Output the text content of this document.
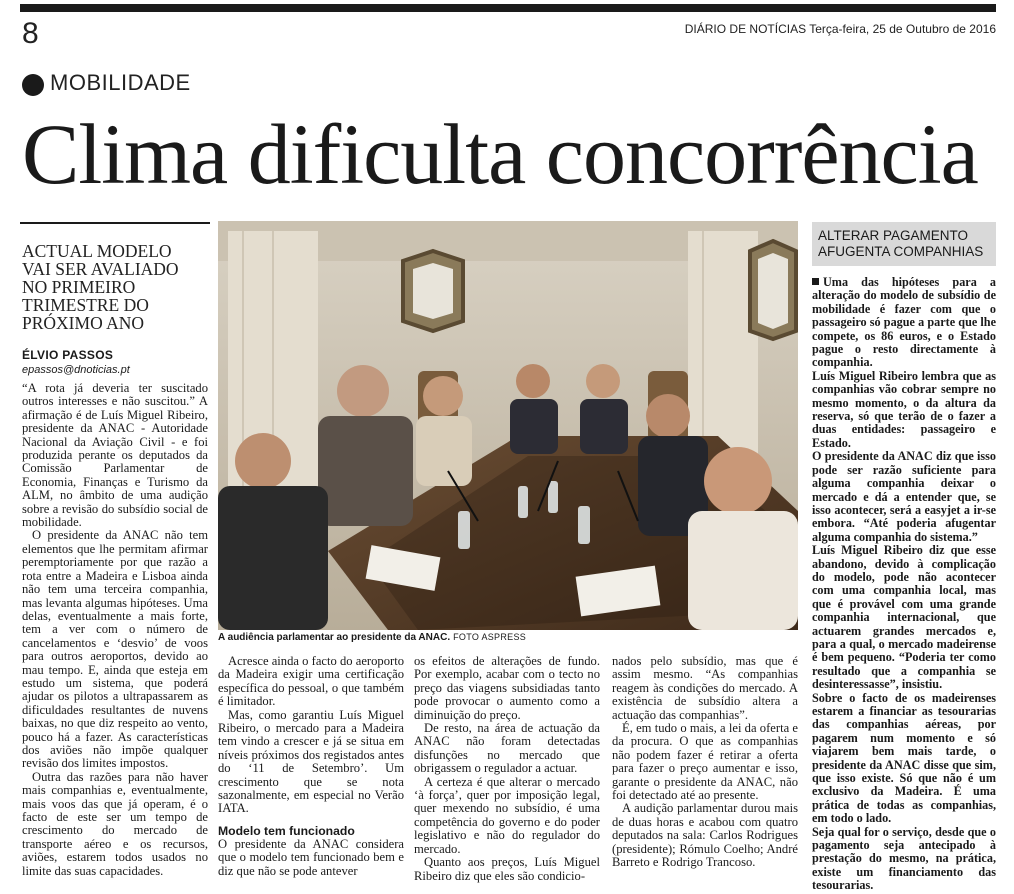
8	DIÁRIO DE NOTÍCIAS Terça-feira, 25 de Outubro de 2016
MOBILIDADE
Clima dificulta concorrência
ACTUAL MODELO VAI SER AVALIADO NO PRIMEIRO TRIMESTRE DO PRÓXIMO ANO
ÉLVIO PASSOS
epassos@dnoticias.pt

“A rota já deveria ter suscitado outros interesses e não suscitou.” A afirmação é de Luís Miguel Ribeiro, presidente da ANAC - Autoridade Nacional da Aviação Civil - e foi produzida perante os deputados da Comissão Parlamentar de Economia, Finanças e Turismo da ALM, no âmbito de uma audição sobre a revisão do subsídio social de mobilidade.

O presidente da ANAC não tem elementos que lhe permitam afirmar peremptoriamente por que razão a rota entre a Madeira e Lisboa ainda não tem uma terceira companhia, mas levanta algumas hipóteses. Uma delas, eventualmente a mais forte, tem a ver com o número de cancelamentos e ‘desvio’ de voos para outros aeroportos, devido ao mau tempo. E, ainda que esteja em estudo um sistema, que poderá ajudar os pilotos a ultrapassarem as dificuldades resultantes de nuvens baixas, no que diz respeito ao vento, pouco há a fazer. As características dos aviões não impõe qualquer revisão dos limites impostos.

Outra das razões para não haver mais companhias e, eventualmente, mais voos das que já operam, é o facto de este ser um tempo de crescimento do mercado de transporte aéreo e os recursos, aviões, estarem todos usados no limite das suas capacidades.

A audiência parlamentar ao presidente da ANAC. FOTO ASPRESS

Acresce ainda o facto do aeroporto da Madeira exigir uma certificação específica do pessoal, o que também é limitador.

Mas, como garantiu Luís Miguel Ribeiro, o mercado para a Madeira tem vindo a crescer e já se situa em níveis próximos dos registados antes do ‘11 de Setembro’. Um crescimento que se nota sazonalmente, em especial no Verão IATA.

Modelo tem funcionado

O presidente da ANAC considera que o modelo tem funcionado bem e diz que não se pode antever

os efeitos de alterações de fundo. Por exemplo, acabar com o tecto no preço das viagens subsidiadas tanto pode provocar o aumento como a diminuição do preço.

De resto, na área de actuação da ANAC não foram detectadas disfunções no mercado que obrigassem o regulador a actuar.

A certeza é que alterar o mercado ‘à força’, quer por imposição legal, quer mexendo no subsídio, é uma competência do governo e do poder legislativo e não do regulador do mercado.

Quanto aos preços, Luís Miguel Ribeiro diz que eles são condicio-

nados pelo subsídio, mas que é assim mesmo. “As companhias reagem às condições do mercado. A existência de subsídio altera a actuação das companhias”.

É, em tudo o mais, a lei da oferta e da procura. O que as companhias não podem fazer é retirar a oferta para fazer o preço aumentar e isso, garante o presidente da ANAC, não foi detectado até ao presente.

A audição parlamentar durou mais de duas horas e acabou com quatro deputados na sala: Carlos Rodrigues (presidente); Rómulo Coelho; André Barreto e Rodrigo Trancoso.

ALTERAR PAGAMENTO AFUGENTA COMPANHIAS

Uma das hipóteses para a alteração do modelo de subsídio de mobilidade é fazer com que o passageiro só pague a parte que lhe compete, os 86 euros, e o Estado pague o resto directamente à companhia.

Luís Miguel Ribeiro lembra que as companhias vão cobrar sempre no mesmo momento, o da altura da reserva, só que terão de o fazer a duas entidades: passageiro e Estado.

O presidente da ANAC diz que isso pode ser razão suficiente para alguma companhia deixar o mercado e dá a entender que, se isso acontecer, será a easyjet a ir-se embora. “Até poderia afugentar alguma companhia do sistema.”

Luís Miguel Ribeiro diz que esse abandono, devido à complicação do modelo, pode não acontecer com uma companhia local, mas que é provável com uma grande companhia internacional, que actuarem grandes mercados e, para a qual, o mercado madeirense é bem pequeno. “Poderia ter como resultado que a companhia se desinteressasse”, insistiu.

Sobre o facto de os madeirenses estarem a financiar as tesourarias das companhias aéreas, por pagarem num momento e só viajarem bem mais tarde, o presidente da ANAC disse que sim, que isso existe. Só que não é um exclusivo da Madeira. É uma prática de todas as companhias, em todo o lado.

Seja qual for o serviço, desde que o pagamento seja antecipado à prestação do mesmo, na prática, existe um financiamento das tesourarias.
